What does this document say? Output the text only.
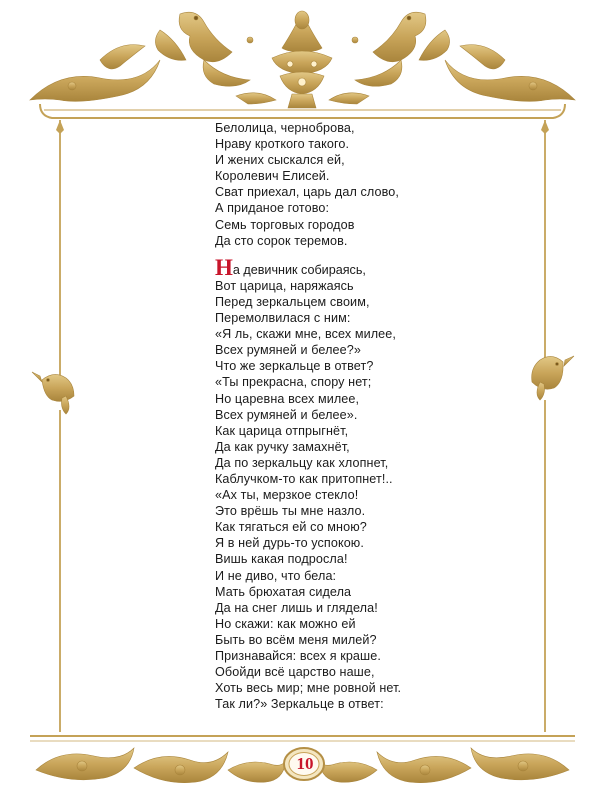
Белолица, черноброва,
Нраву кроткого такого.
И жених сыскался ей,
Королевич Елисей.
Сват приехал, царь дал слово,
А приданое готово:
Семь торговых городов
Да сто сорок теремов.
На девичник собираясь,
Вот царица, наряжаясь
Перед зеркальцем своим,
Перемолвилася с ним:
«Я ль, скажи мне, всех милее,
Всех румяней и белее?»
Что же зеркальце в ответ?
«Ты прекрасна, спору нет;
Но царевна всех милее,
Всех румяней и белее».
Как царица отпрыгнёт,
Да как ручку замахнёт,
Да по зеркальцу как хлопнет,
Каблучком-то как притопнет!..
«Ах ты, мерзкое стекло!
Это врёшь ты мне назло.
Как тягаться ей со мною?
Я в ней дурь-то успокою.
Вишь какая подросла!
И не диво, что бела:
Мать брюхатая сидела
Да на снег лишь и глядела!
Но скажи: как можно ей
Быть во всём меня милей?
Признавайся: всех я краше.
Обойди всё царство наше,
Хоть весь мир; мне ровной нет.
Так ли?» Зеркальце в ответ:
10
